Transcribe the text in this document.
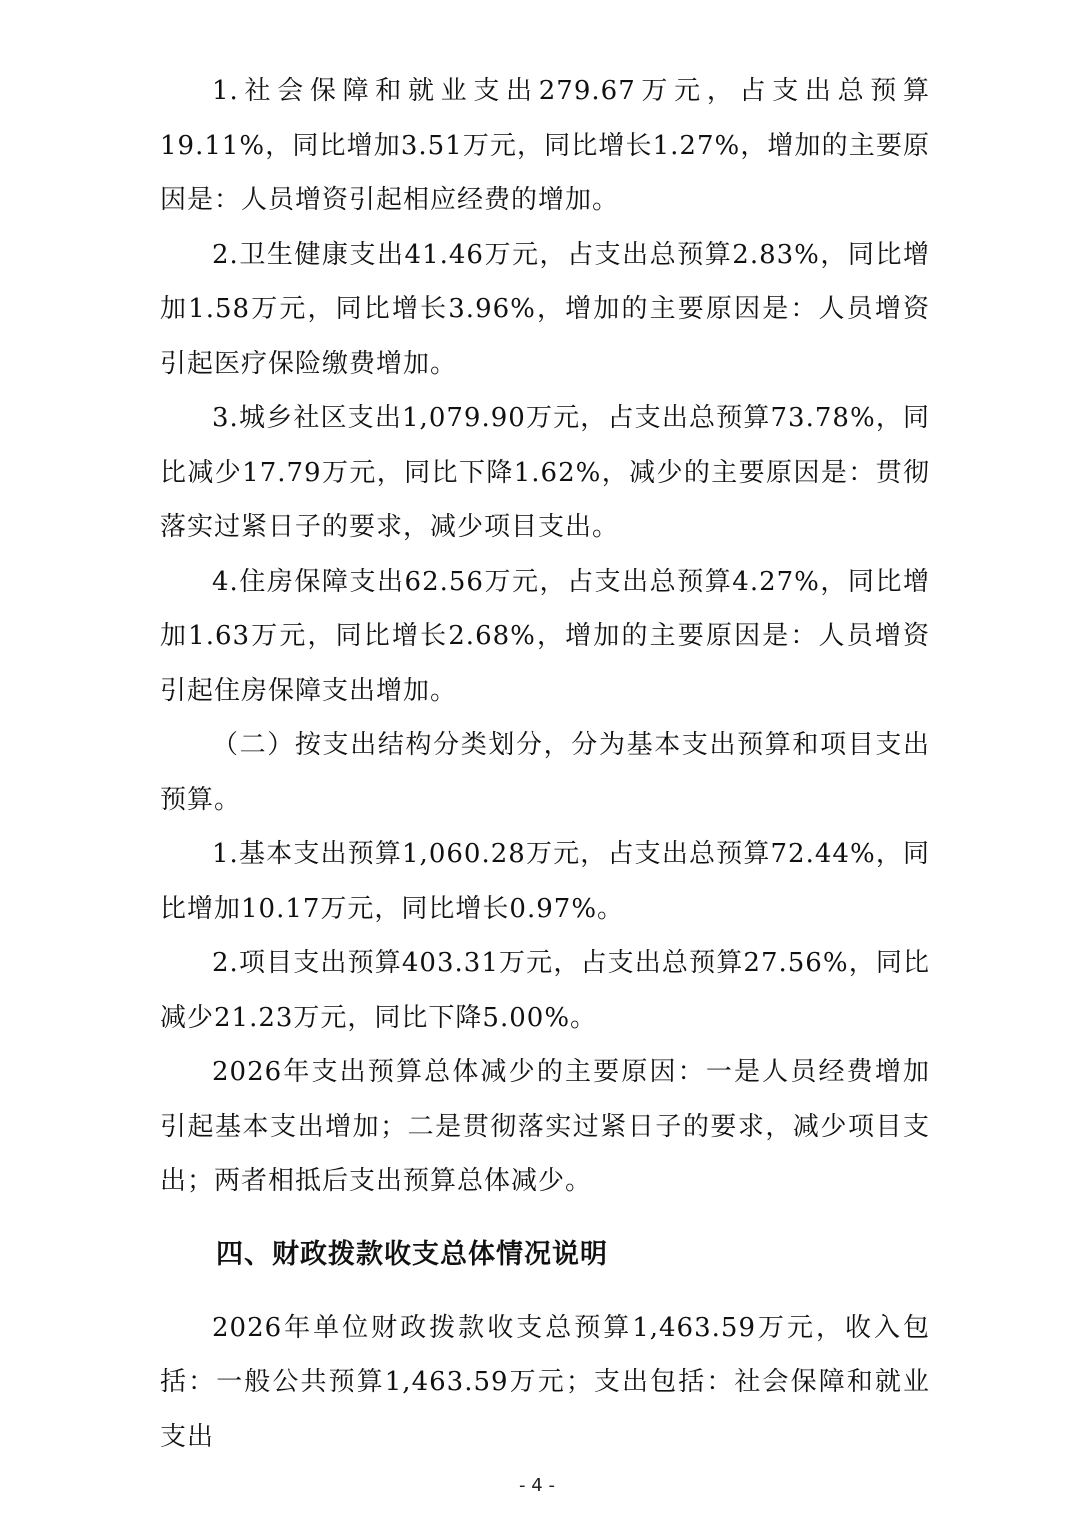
1.社会保障和就业支出279.67万元，占支出总预算19.11%，同比增加3.51万元，同比增长1.27%，增加的主要原因是：人员增资引起相应经费的增加。

2.卫生健康支出41.46万元，占支出总预算2.83%，同比增加1.58万元，同比增长3.96%，增加的主要原因是：人员增资引起医疗保险缴费增加。

3.城乡社区支出1,079.90万元，占支出总预算73.78%，同比减少17.79万元，同比下降1.62%，减少的主要原因是：贯彻落实过紧日子的要求，减少项目支出。

4.住房保障支出62.56万元，占支出总预算4.27%，同比增加1.63万元，同比增长2.68%，增加的主要原因是：人员增资引起住房保障支出增加。

（二）按支出结构分类划分，分为基本支出预算和项目支出预算。

1.基本支出预算1,060.28万元，占支出总预算72.44%，同比增加10.17万元，同比增长0.97%。

2.项目支出预算403.31万元，占支出总预算27.56%，同比减少21.23万元，同比下降5.00%。

2026年支出预算总体减少的主要原因：一是人员经费增加引起基本支出增加；二是贯彻落实过紧日子的要求，减少项目支出；两者相抵后支出预算总体减少。

四、财政拨款收支总体情况说明

2026年单位财政拨款收支总预算1,463.59万元，收入包括：一般公共预算1,463.59万元；支出包括：社会保障和就业支出

- 4 -
